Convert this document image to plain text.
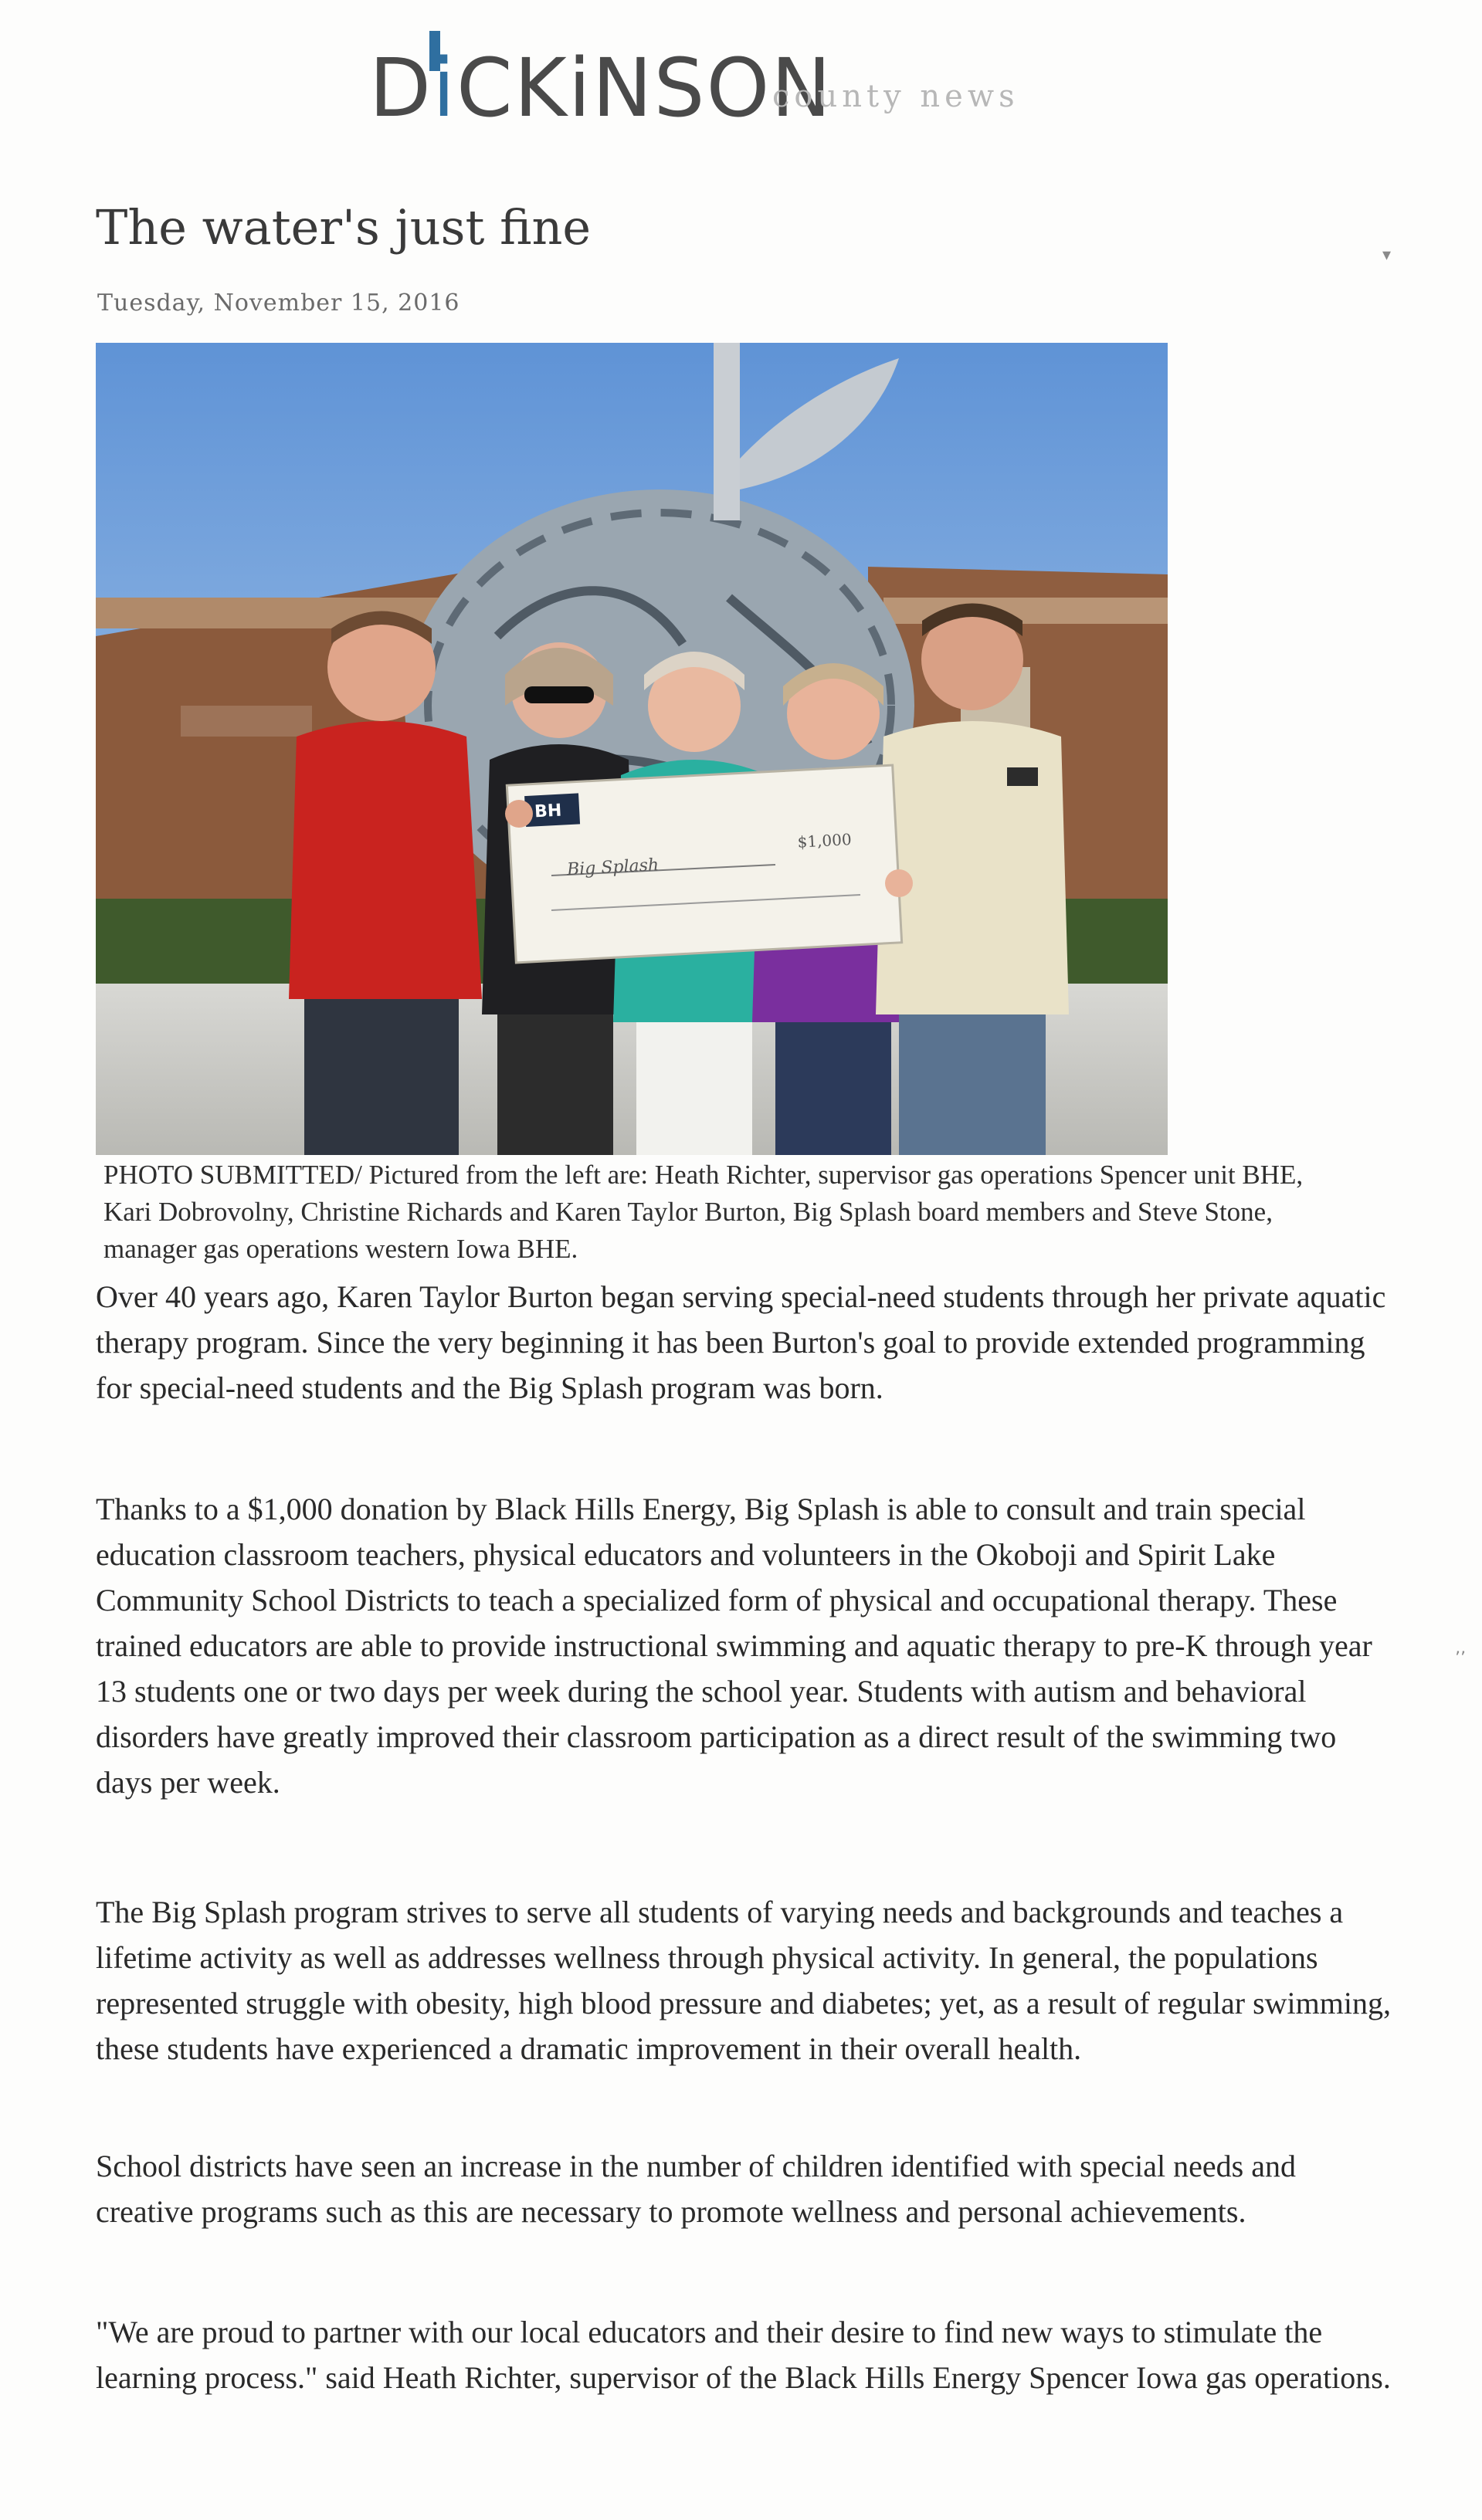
DiCKiNSON
county news
The water's just fine
Tuesday, November 15, 2016
BH
Big Splash
$1,000

PHOTO SUBMITTED/ Pictured from the left are: Heath Richter, supervisor gas operations Spencer unit BHE, Kari Dobrovolny, Christine Richards and Karen Taylor Burton, Big Splash board members and Steve Stone, manager gas operations western Iowa BHE.

Over 40 years ago, Karen Taylor Burton began serving special-need students through her private aquatic therapy program. Since the very beginning it has been Burton's goal to provide extended programming for special-need students and the Big Splash program was born.

Thanks to a $1,000 donation by Black Hills Energy, Big Splash is able to consult and train special education classroom teachers, physical educators and volunteers in the Okoboji and Spirit Lake Community School Districts to teach a specialized form of physical and occupational therapy. These trained educators are able to provide instructional swimming and aquatic therapy to pre-K through year 13 students one or two days per week during the school year. Students with autism and behavioral disorders have greatly improved their classroom participation as a direct result of the swimming two days per week.

The Big Splash program strives to serve all students of varying needs and backgrounds and teaches a lifetime activity as well as addresses wellness through physical activity. In general, the populations represented struggle with obesity, high blood pressure and diabetes; yet, as a result of regular swimming, these students have experienced a dramatic improvement in their overall health.

School districts have seen an increase in the number of children identified with special needs and creative programs such as this are necessary to promote wellness and personal achievements.

"We are proud to partner with our local educators and their desire to find new ways to stimulate the learning process." said Heath Richter, supervisor of the Black Hills Energy Spencer Iowa gas operations.

▾
’’
